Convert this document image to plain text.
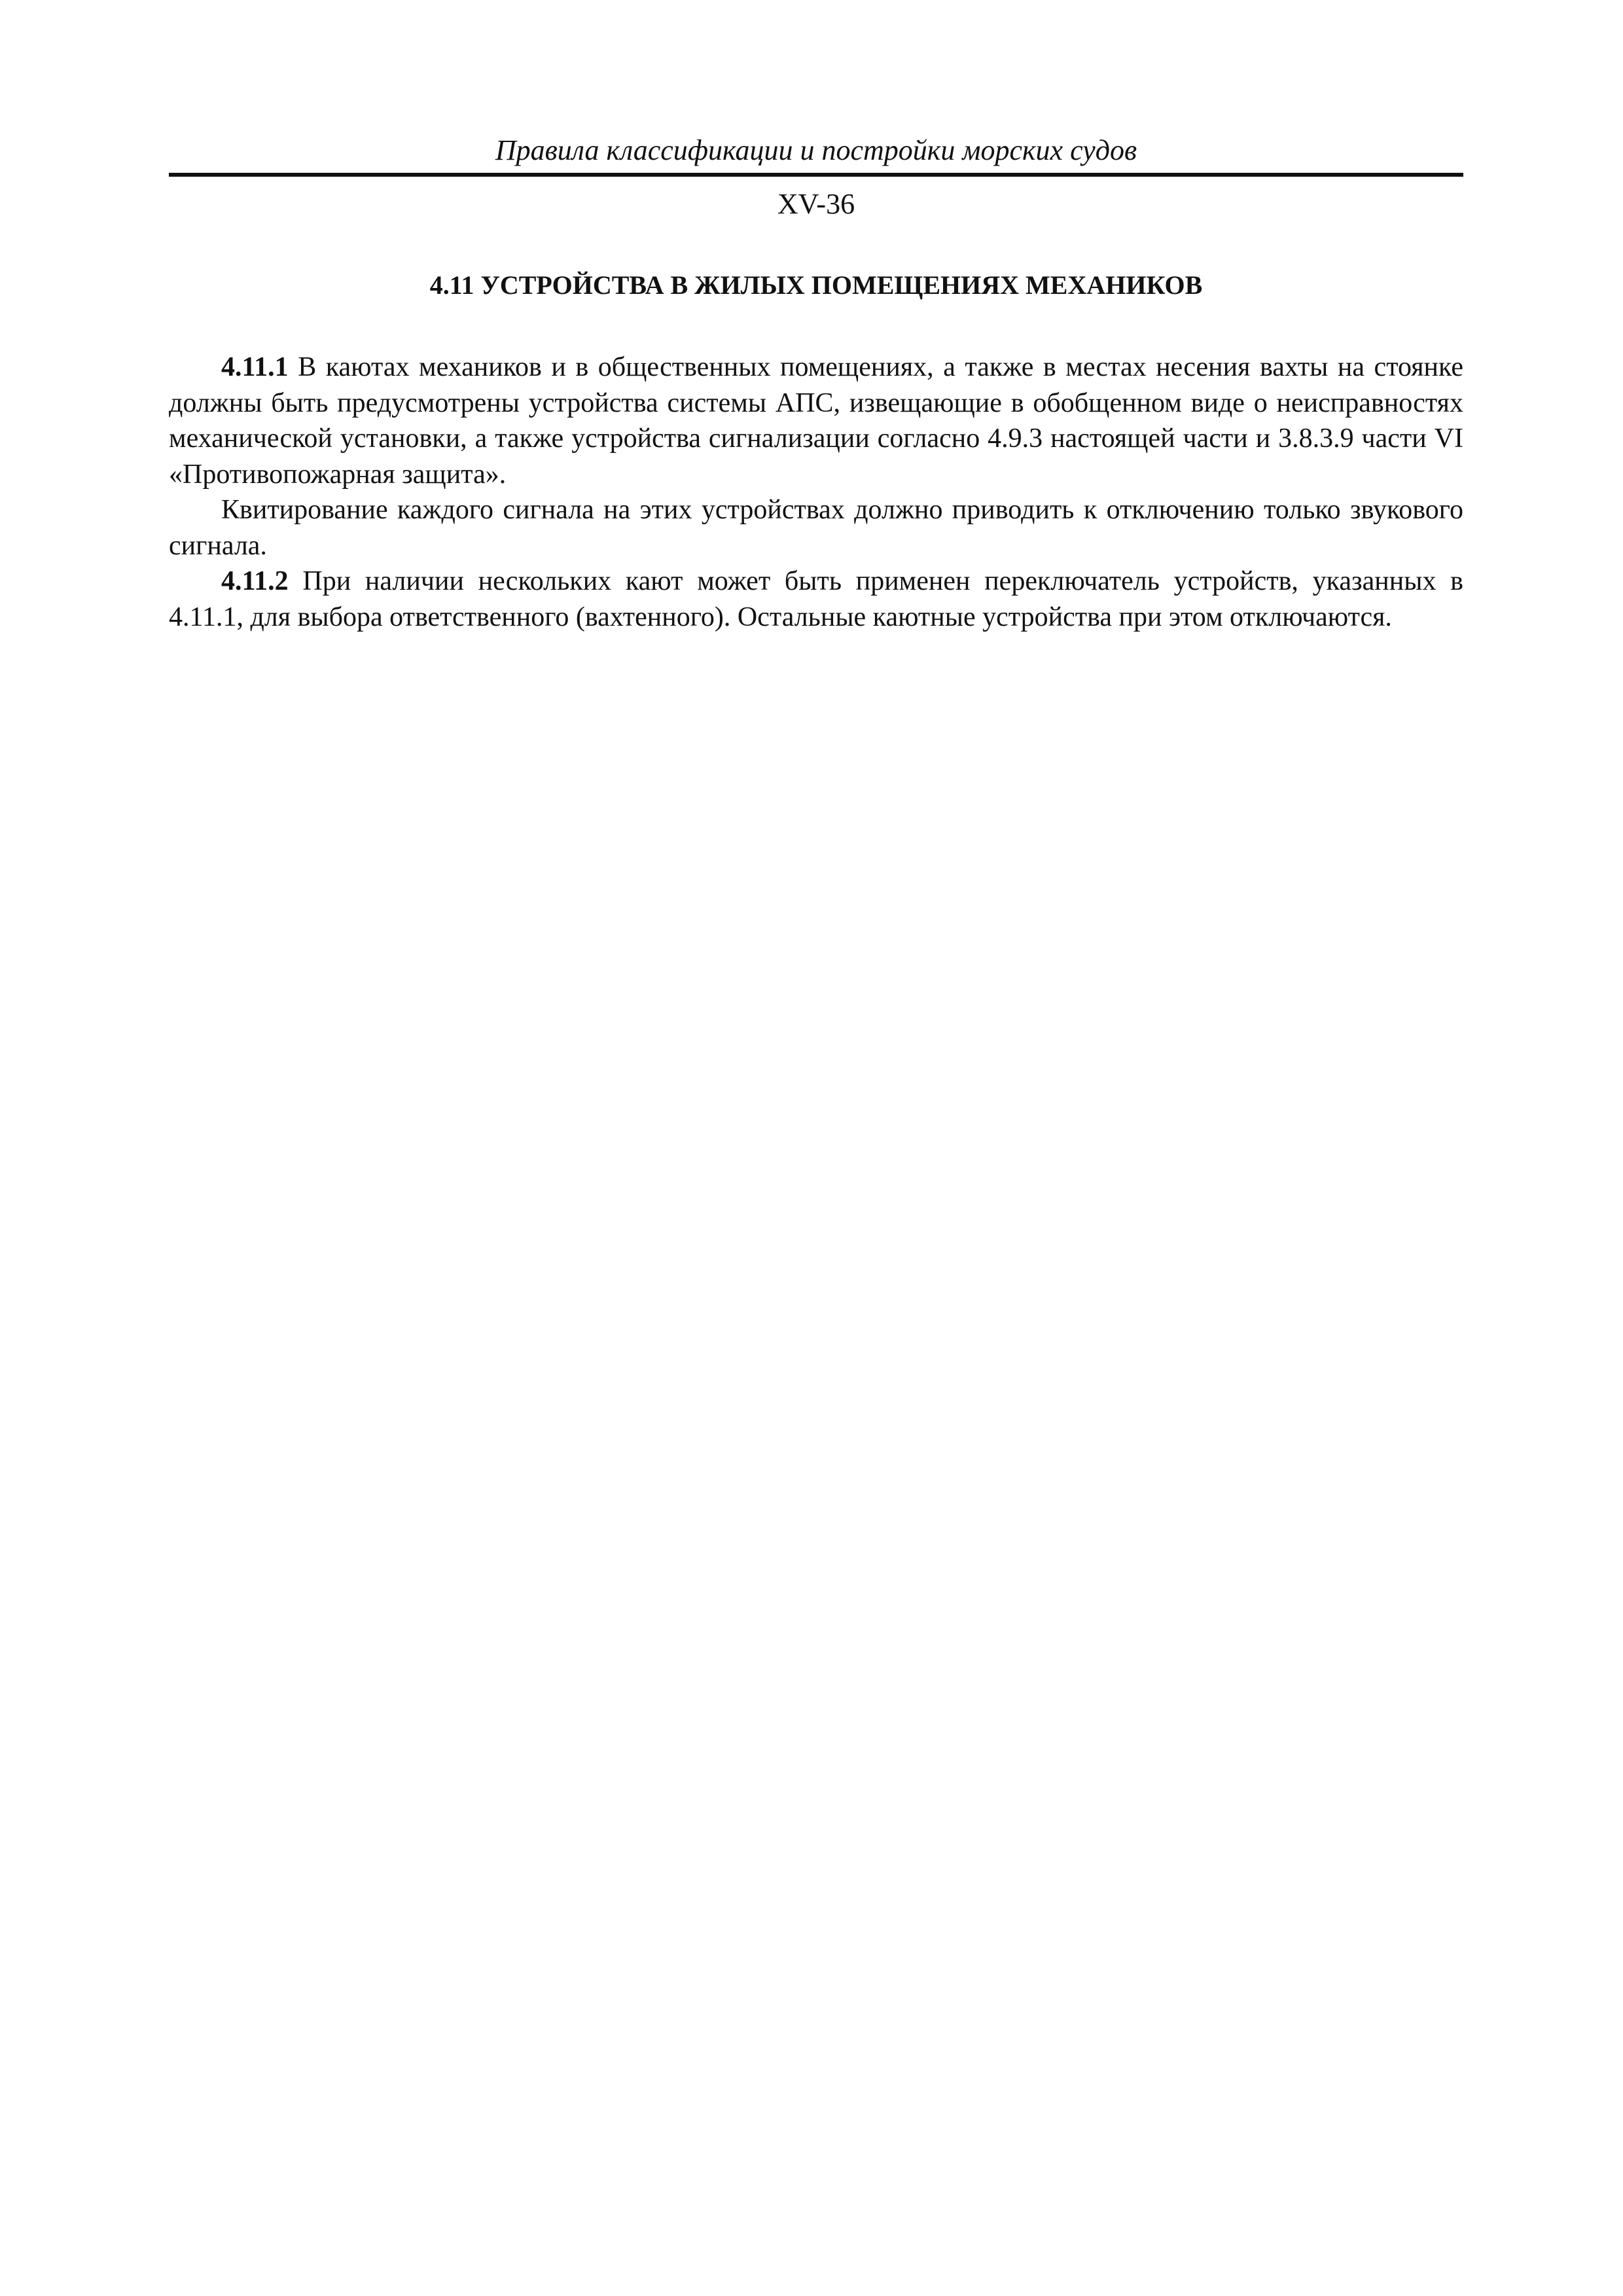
Правила классификации и постройки морских судов
XV-36
4.11 УСТРОЙСТВА В ЖИЛЫХ ПОМЕЩЕНИЯХ МЕХАНИКОВ

4.11.1 В каютах механиков и в общественных помещениях, а также в местах несения вахты на стоянке должны быть предусмотрены устройства системы АПС, извещающие в обобщенном виде о неисправностях механической установки, а также устройства сигнализации согласно 4.9.3 настоящей части и 3.8.3.9 части VI «Противопожарная защита».

Квитирование каждого сигнала на этих устройствах должно приводить к отключению только звукового сигнала.

4.11.2 При наличии нескольких кают может быть применен переключатель устройств, указанных в 4.11.1, для выбора ответственного (вахтенного). Остальные каютные устройства при этом отключаются.
